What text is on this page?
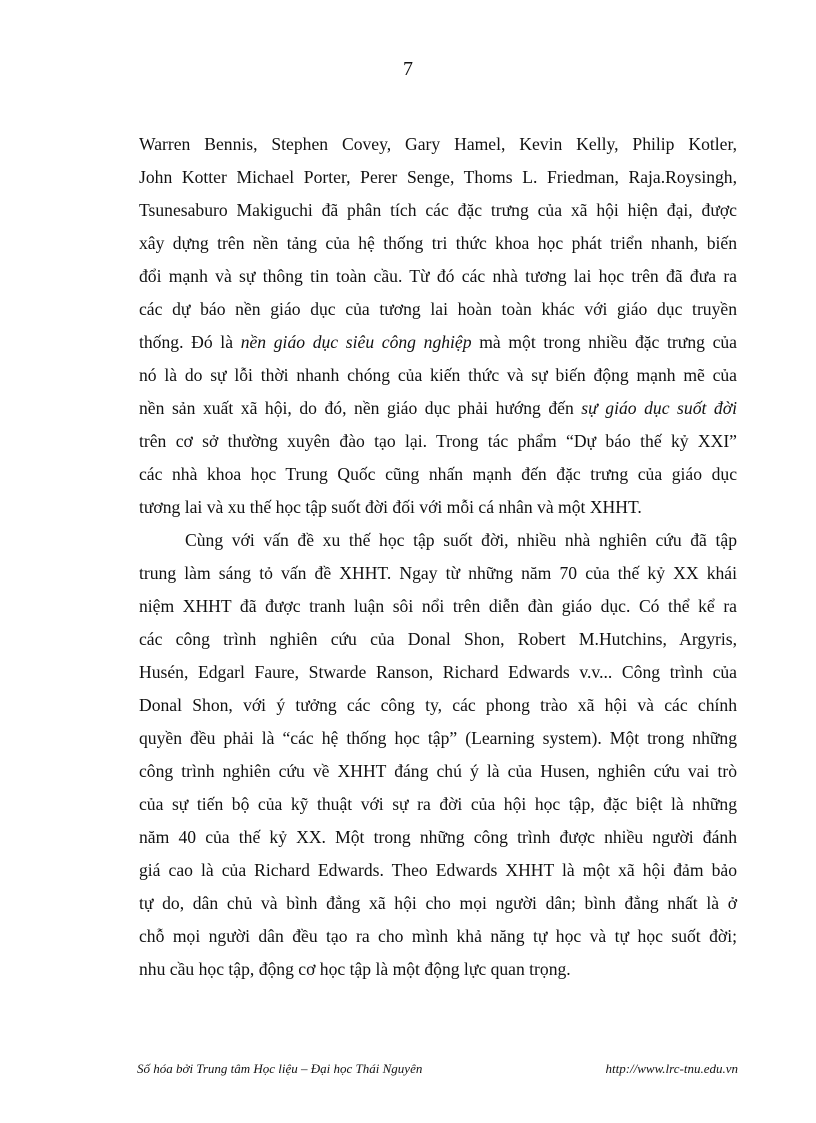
7
Warren Bennis, Stephen Covey, Gary Hamel, Kevin Kelly, Philip Kotler,
John Kotter Michael Porter, Perer Senge, Thoms L. Friedman, Raja.Roysingh,
Tsunesaburo Makiguchi đã phân tích các đặc trưng của xã hội hiện đại, được
xây dựng trên nền tảng của hệ thống tri thức khoa học phát triển nhanh, biến
đổi mạnh và sự thông tin toàn cầu. Từ đó các nhà tương lai học trên đã đưa ra
các dự báo nền giáo dục của tương lai hoàn toàn khác với giáo dục truyền
thống. Đó là nền giáo dục siêu công nghiệp mà một trong nhiều đặc trưng của
nó là do sự lỗi thời nhanh chóng của kiến thức và sự biến động mạnh mẽ của
nền sản xuất xã hội, do đó, nền giáo dục phải hướng đến sự giáo dục suốt đời
trên cơ sở thường xuyên đào tạo lại. Trong tác phẩm “Dự báo thế kỷ XXI”
các nhà khoa học Trung Quốc cũng nhấn mạnh đến đặc trưng của giáo dục
tương lai và xu thế học tập suốt đời đối với mỗi cá nhân và một XHHT.
Cùng với vấn đề xu thế học tập suốt đời, nhiều nhà nghiên cứu đã tập
trung làm sáng tỏ vấn đề XHHT. Ngay từ những năm 70 của thế kỷ XX khái
niệm XHHT đã được tranh luận sôi nổi trên diễn đàn giáo dục. Có thể kể ra
các công trình nghiên cứu của Donal Shon, Robert M.Hutchins, Argyris,
Husén, Edgarl Faure, Stwarde Ranson, Richard Edwards v.v... Công trình của
Donal Shon, với ý tưởng các công ty, các phong trào xã hội và các chính
quyền đều phải là “các hệ thống học tập” (Learning system). Một trong những
công trình nghiên cứu về XHHT đáng chú ý là của Husen, nghiên cứu vai trò
của sự tiến bộ của kỹ thuật với sự ra đời của hội học tập, đặc biệt là những
năm 40 của thế kỷ XX. Một trong những công trình được nhiều người đánh
giá cao là của Richard Edwards. Theo Edwards XHHT là một xã hội đảm bảo
tự do, dân chủ và bình đẳng xã hội cho mọi người dân; bình đẳng nhất là ở
chỗ mọi người dân đều tạo ra cho mình khả năng tự học và tự học suốt đời;
nhu cầu học tập, động cơ học tập là một động lực quan trọng.
Số hóa bởi Trung tâm Học liệu – Đại học Thái Nguyên	http://www.lrc-tnu.edu.vn
